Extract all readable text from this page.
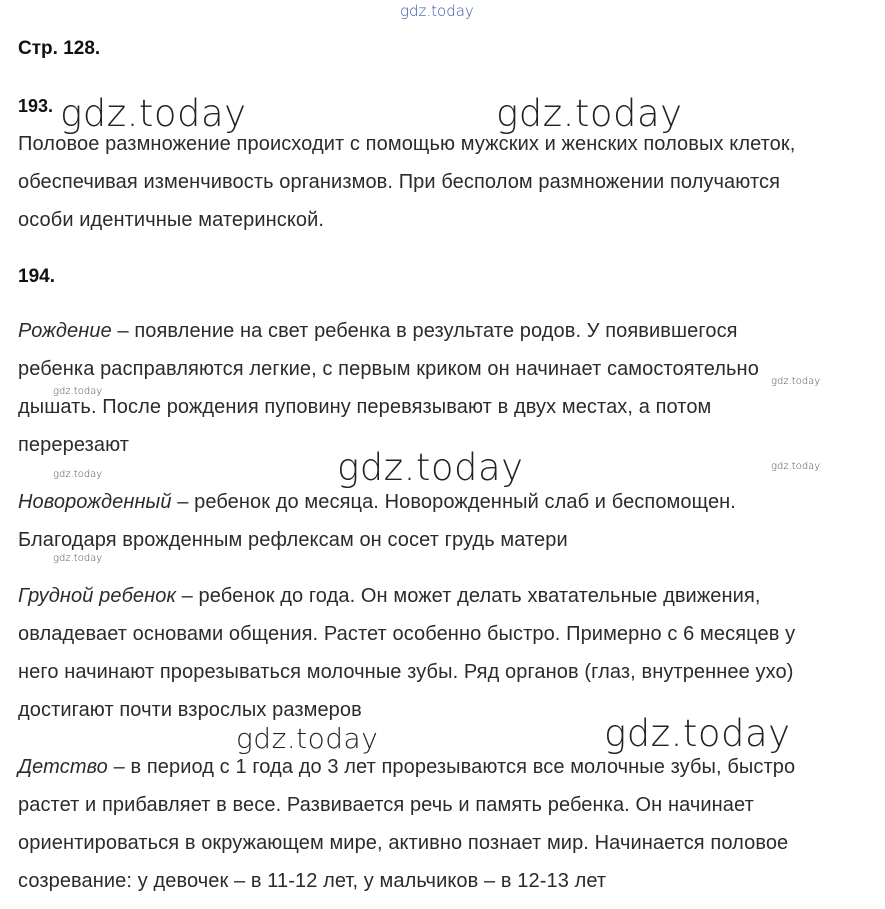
gdz.today
Стр. 128.
193.
Половое размножение происходит с помощью мужских и женских половых клеток,
обеспечивая изменчивость организмов. При бесполом размножении получаются
особи идентичные материнской.
194.
Рождение – появление на свет ребенка в результате родов. У появившегося
ребенка расправляются легкие, с первым криком он начинает самостоятельно
дышать. После рождения пуповину перевязывают в двух местах, а потом
перерезают
Новорожденный – ребенок до месяца. Новорожденный слаб и беспомощен.
Благодаря врожденным рефлексам он сосет грудь матери
Грудной ребенок – ребенок до года. Он может делать хватательные движения,
овладевает основами общения. Растет особенно быстро. Примерно с 6 месяцев у
него начинают прорезываться молочные зубы. Ряд органов (глаз, внутреннее ухо)
достигают почти взрослых размеров
Детство – в период с 1 года до 3 лет прорезываются все молочные зубы, быстро
растет и прибавляет в весе. Развивается речь и память ребенка. Он начинает
ориентироваться в окружающем мире, активно познает мир. Начинается половое
созревание: у девочек – в 11-12 лет, у мальчиков – в 12-13 лет
gdz.today	gdz.today
gdz.today
gdz.today	gdz.today
gdz.today
gdz.today
gdz.today
gdz.today
gdz.today
